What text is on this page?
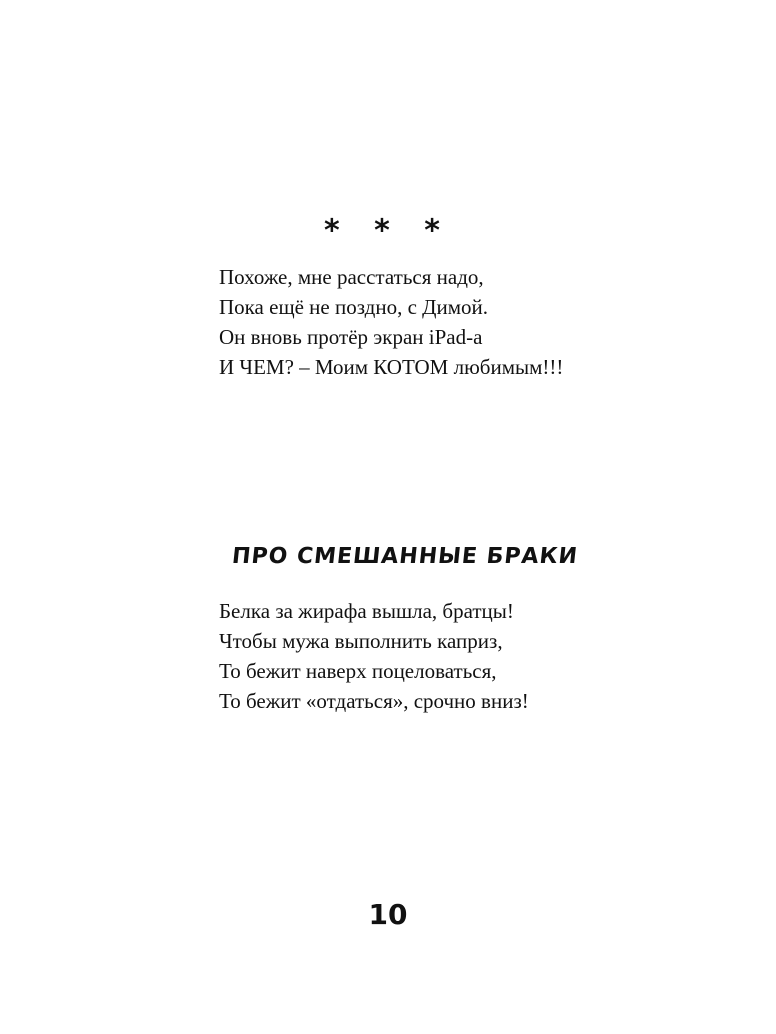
⁎ ⁎ ⁎
Похоже, мне расстаться надо,
Пока ещё не поздно, с Димой.
Он вновь протёр экран iPad-а
И ЧЕМ? – Моим КОТОМ любимым!!!
ПРО СМЕШАННЫЕ БРАКИ
Белка за жирафа вышла, братцы!
Чтобы мужа выполнить каприз,
То бежит наверх поцеловаться,
То бежит «отдаться», срочно вниз!
10
